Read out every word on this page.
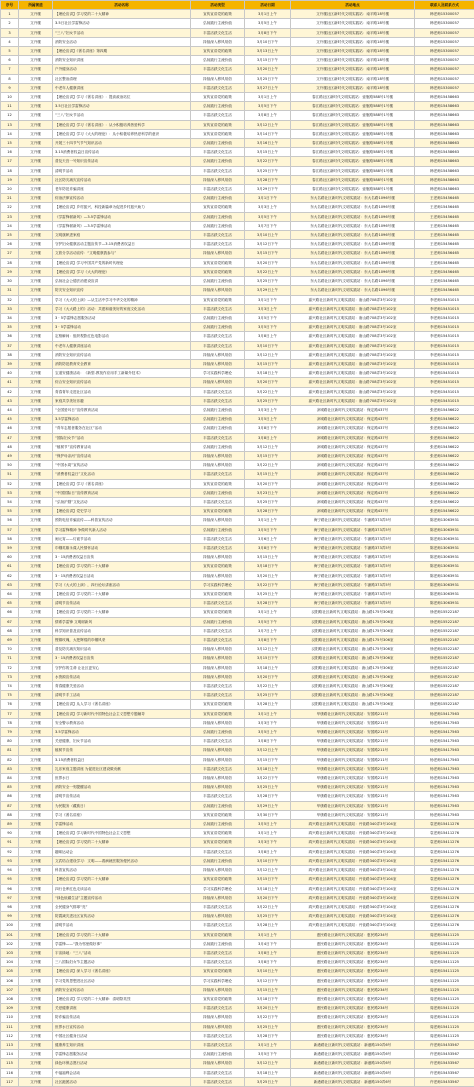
序号	所属街道	活动名称	活动类型	活动日期	活动地点	联系人及联系方式
1	文升楼	【理论宣讲】学习党的二十大精神	宣传宣讲党的政策	3月1日上午	文升楼社区新时代文明实践站：南平路18号楼	韩老师15300057
2	文升楼	3.5日社区学雷锋活动	弘扬践行主流价值	3月5日上午	文升楼社区新时代文明实践站：南平路18号楼	韩老师15300057
3	文升楼	“三八”妇女节活动	丰富活跃文化生活	3月8日下午	文升楼社区新时代文明实践站：南平路18号楼	韩老师15300057
4	文升楼	消防安全活动	持续深入移风易俗	3月10日下午	文升楼社区新时代文明实践站：南平路18号楼	韩老师15300057
5	文升楼	【理论宣讲】《著名讲座》第四期	宣传宣讲党的政策	3月13日上午	文升楼社区新时代文明实践站：南平路18号楼	韩老师15300057
6	文升楼	消防安全知识讲座	弘扬践行主流价值	3月15日下午	文升楼社区新时代文明实践站：南平路18号楼	韩老师15300057
7	文升楼	户外健身活动	丰富活跃文化生活	3月20日上午	文升楼社区新时代文明实践站：南平路18号楼	韩老师15300057
8	文升楼	社区整治清理	持续深入移风易俗	3月25日下午	文升楼社区新时代文明实践站：南平路18号楼	韩老师15300057
9	文升楼	中老年人健康讲座	丰富活跃文化生活	3月27日上午	文升楼社区新时代文明实践站：南平路18号楼	韩老师15300057
10	文升楼	【理论宣讲】学习《著名讲座》：提高政治站位	宣传宣讲党的政策	3月1日上午	春江路社区新时代文明实践站：壶瓶路588号1号楼	韩老师15458663
11	文升楼	3.5日社区学雷锋活动	弘扬践行主流价值	3月5日下午	春江路社区新时代文明实践站：壶瓶路588号1号楼	韩老师15458663
12	文升楼	“三八”妇女节活动	丰富活跃文化生活	3月8日上午	春江路社区新时代文明实践站：壶瓶路588号1号楼	韩老师15458663
13	文升楼	【理论宣讲】学习《著名讲座》：从小积极培养热爱科学	宣传宣讲党的政策	3月12日上午	春江路社区新时代文明实践站：壶瓶路588号1号楼	韩老师15458663
14	文升楼	【理论宣讲】学习《大大的理论》：从小积极培养热爱科学的意识	宣传宣讲党的政策	3月14日下午	春江路社区新时代文明实践站：壶瓶路588号1号楼	韩老师15458663
15	文升楼	开展三十四节气节气知识活动	弘扬践行主流价值	3月16日上午	春江路社区新时代文明实践站：壶瓶路588号1号楼	韩老师15458663
16	文升楼	3.15消费者权益日宣传活动	丰富活跃文化生活	3月15日上午	春江路社区新时代文明实践站：壶瓶路588号1号楼	韩老师15458663
17	文升楼	普及天宫一号知识宣传活动	弘扬践行主流价值	3月22日下午	春江路社区新时代文明实践站：壶瓶路588号1号楼	韩老师15458663
18	文升楼	清明节活动	丰富活跃文化生活	3月25日下午	春江路社区新时代文明实践站：壶瓶路588号1号楼	韩老师15458663
19	文升楼	社区防灾减灾宣传活动	持续深入移风易俗	3月28日下午	春江路社区新时代文明实践站：壶瓶路588号1号楼	韩老师15458663
20	文升楼	老年防范诈骗讲座	丰富活跃文化生活	3月29日下午	春江路社区新时代文明实践站：壶瓶路588号1号楼	韩老师15458663
21	文升楼	综治法律宣传活动	弘扬践行主流价值	3月1日下午	东大名路社区新时代文明实践站：东大名路1096号楼	王老师15456465
22	文升楼	【理论宣讲】乡村振兴，科技新篇章为促进乡村振兴助力	宣传宣讲党的政策	3月3日上午	东大名路社区新时代文明实践站：东大名路1096号楼	王老师15456465
23	文升楼	《学雷锋树新风》—3.5学雷锋活动	弘扬践行主流价值	3月5日下午	东大名路社区新时代文明实践站：东大名路1096号楼	王老师15456465
24	文升楼	《学雷锋树新风》—3.5学雷锋活动	弘扬践行主流价值	3月7日下午	东大名路社区新时代文明实践站：东大名路1096号楼	王老师15456465
25	文升楼	文明旗帜进家庭	丰富活跃文化生活	3月10日上午	东大名路社区新时代文明实践站：东大名路1096号楼	王老师15456465
26	文升楼	守护妇女健康活动主题宣传节—3.15消费者权益日	丰富活跃文化生活	3月12日下午	东大名路社区新时代文明实践站：东大名路1096号楼	王老师15456465
27	文升楼	文旅分享活动宣传：“文明健康我参与”	持续深入移风易俗	3月15日下午	东大名路社区新时代文明实践站：东大名路1096号楼	王老师15456465
28	文升楼	【理论宣讲】学习中国共产党的新时代理论	宣传宣讲党的政策	3月20日下午	东大名路社区新时代文明实践站：东大名路1096号楼	王老师15456465
29	文升楼	【理论宣讲】学习《大大的理论》	宣传宣讲党的政策	3月22日上午	东大名路社区新时代文明实践站：东大名路1096号楼	王老师15456465
30	文升楼	弘扬社会公德法治建设宣讲	弘扬践行主流价值	3月25日下午	东大名路社区新时代文明实践站：东大名路1096号楼	王老师15456465
31	文升楼	防灾安全知识宣传	持续深入移风易俗	3月29日上午	东大名路社区新时代文明实践站：东大名路1096号楼	王老师15456465
32	文升楼	学习《大大的上演》—从生活中学习中华文化的精神	宣传宣讲党的政策	3月1日下午	嘉兴路社区新时代文明实践站：唐山路708弄3号102室	李老师15451015
33	文升楼	学习《大大路上的》活动：共建和谐美好的家庭文化活动	丰富活跃文化生活	3月3日上午	嘉兴路社区新时代文明实践站：唐山路708弄3号102室	李老师15451015
34	文升楼	3 · 5学雷锋志愿服务活动	弘扬践行主流价值	3月5日下午	嘉兴路社区新时代文明实践站：唐山路708弄3号102室	李老师15451015
35	文升楼	3 · 5学雷锋活动	弘扬践行主流价值	3月5日下午	嘉兴路社区新时代文明实践站：唐山路708弄3号102室	李老师15451015
36	文升楼	定格瞬间：组织观影红色电影活动	丰富活跃文化生活	3月8日上午	嘉兴路社区新时代文明实践站：唐山路708弄3号102室	李老师15451015
37	文升楼	中老年人健康讲座活动	丰富活跃文化生活	3月10日下午	嘉兴路社区新时代文明实践站：唐山路708弄3号102室	李老师15451015
38	文升楼	消防安全知识宣传活动	持续深入移风易俗	3月12日上午	嘉兴路社区新时代文明实践站：唐山路708弄3号102室	李老师15451015
39	文升楼	消防防范教育安全教育	持续深入移风易俗	3月15日下午	嘉兴路社区新时代文明实践站：唐山路708弄3号102室	李老师15451015
40	文升楼	宝道安健康活动：《新型-教找作应用手工新媒介技术》	学习实践科学理论	3月18日上午	嘉兴路社区新时代文明实践站：唐山路708弄3号102室	李老师15451015
41	文升楼	综合安全知识宣传活动	持续深入移风易俗	3月20日下午	嘉兴路社区新时代文明实践站：唐山路708弄3号102室	李老师15451015
42	文升楼	青春青年走进社区活动	丰富活跃文化生活	3月22日上午	嘉兴路社区新时代文明实践站：唐山路708弄3号102室	李老师15451015
43	文升楼	家庭共享美好乐趣	丰富活跃文化生活	3月25日下午	嘉兴路社区新时代文明实践站：唐山路708弄3号102室	李老师15451015
44	文升楼	“全国爱耳日”宣传教育活动	弘扬践行主流价值	3月3日上午	凉城路社区新时代文明实践站：保定路437号	张老师15456622
45	文升楼	3.5学雷锋活动	弘扬践行主流价值	3月5日上午	凉城路社区新时代文明实践站：保定路437号	张老师15456622
46	文升楼	“青年志愿者服务在社区”活动	弘扬践行主流价值	3月8日下午	凉城路社区新时代文明实践站：保定路437号	张老师15456622
47	文升楼	“国际妇女节”活动	丰富活跃文化生活	3月8日上午	凉城路社区新时代文明实践站：保定路437号	张老师15456622
48	文升楼	“植树节”宣传教育活动	弘扬践行主流价值	3月12日上午	凉城路社区新时代文明实践站：保定路437号	张老师15456622
49	文升楼	“保护母亲河”宣传活动	持续深入移风易俗	3月15日下午	凉城路社区新时代文明实践站：保定路437号	张老师15456622
50	文升楼	“中国水周”宣传活动	持续深入移风易俗	3月22日上午	凉城路社区新时代文明实践站：保定路437号	张老师15456622
51	文升楼	“消费者权益日”文化活动	丰富活跃文化生活	3月15日上午	凉城路社区新时代文明实践站：保定路437号	张老师15456622
52	文升楼	【理论宣讲】学习《著名讲座》	宣传宣讲党的政策	3月20日下午	凉城路社区新时代文明实践站：保定路437号	张老师15456622
53	文升楼	“中国国际日”宣传教育活动	弘扬践行主流价值	3月23日上午	凉城路社区新时代文明实践站：保定路437号	张老师15456622
54	文升楼	“弘扬沪剧”文化活动	丰富活跃文化生活	3月25日下午	凉城路社区新时代文明实践站：保定路437号	张老师15456622
55	文升楼	【理论宣讲】党史学习	宣传宣讲党的政策	3月28日下午	凉城路社区新时代文明实践站：保定路437号	张老师15456622
56	文升楼	预防电信诈骗宣传——科普宣传活动	持续深入移风易俗	3月1日上午	海宁路社区新时代文明实践站：乍浦路373弄5号	陈老师13063931
57	文升楼	学习雷锋精神 争做时代新人活动	弘扬践行主流价值	3月5日下午	海宁路社区新时代文明实践站：乍浦路373弄5号	陈老师13063931
58	文升楼	闹元宵——灯谜节活动	丰富活跃文化生活	3月6日上午	海宁路社区新时代文明实践站：乍浦路373弄5号	陈老师13063931
59	文升楼	巾帼英雄永葆人民情怀活动	丰富活跃文化生活	3月8日下午	海宁路社区新时代文明实践站：乍浦路373弄5号	陈老师13063931
60	文升楼	3 · 15消费者权益日宣传	持续深入移风易俗	3月15日上午	海宁路社区新时代文明实践站：乍浦路373弄5号	陈老师13063931
61	文升楼	【理论宣讲】学习党的二十大精神	宣传宣讲党的政策	3月18日下午	海宁路社区新时代文明实践站：乍浦路373弄5号	陈老师13063931
62	文升楼	3 · 15消费者权益日活动	持续深入移风易俗	3月20日上午	海宁路社区新时代文明实践站：乍浦路373弄5号	陈老师13063931
63	文升楼	学习《大大的上演》，四行论坛讲座活动	学习实践科学理论	3月22日下午	海宁路社区新时代文明实践站：乍浦路373弄5号	陈老师13063931
64	文升楼	【理论宣讲】学习党的二十大精神	宣传宣讲党的政策	3月25日上午	海宁路社区新时代文明实践站：乍浦路373弄5号	陈老师13063931
65	文升楼	清明节宣传活动	丰富活跃文化生活	3月28日下午	海宁路社区新时代文明实践站：乍浦路373弄5号	陈老师13063931
66	文升楼	【理论宣讲】学习党的二十大精神	宣传宣讲党的政策	3月1日上午	汉阳路社区新时代文明实践站：唐山路175号306室	徐老师15522187
67	文升楼	情系学雷锋 文明树新风	弘扬践行主流价值	3月5日下午	汉阳路社区新时代文明实践站：唐山路175号306室	徐老师15522187
68	文升楼	科学知识普及宣传活动	丰富活跃文化生活	3月7日上午	汉阳路社区新时代文明实践站：唐山路175号306室	徐老师15522187
69	文升楼	铿锵玫瑰，大把辉煌的巾帼风采	丰富活跃文化生活	3月8日下午	汉阳路社区新时代文明实践站：唐山路175号306室	徐老师15522187
70	文升楼	普及防灾减灾知识活动	持续深入移风易俗	3月12日上午	汉阳路社区新时代文明实践站：唐山路175号306室	徐老师15522187
71	文升楼	3 · 15消费者权益日宣传	持续深入移风易俗	3月15日下午	汉阳路社区新时代文明实践站：唐山路175号306室	徐老师15522187
72	文升楼	守护你的生命 让社区更安心	持续深入移风易俗	3月18日上午	汉阳路社区新时代文明实践站：唐山路175号306室	徐老师15522187
73	文升楼	水资源宣传活动	持续深入移风易俗	3月20日下午	汉阳路社区新时代文明实践站：唐山路175号306室	徐老师15522187
74	文升楼	青春健康关爱活动	丰富活跃文化生活	3月22日上午	汉阳路社区新时代文明实践站：唐山路175号306室	徐老师15522187
75	文升楼	清明节手工活动	丰富活跃文化生活	3月25日下午	汉阳路社区新时代文明实践站：唐山路175号306室	徐老师15522187
76	文升楼	【理论宣讲】从人学习《著名讲座》	宣传宣讲党的政策	3月28日上午	汉阳路社区新时代文明实践站：唐山路175号306室	徐老师15522187
77	文升楼	【理论宣讲】学习新时代中国特色社会主义思想专题辅导	宣传宣讲党的政策	3月1日上午	华康路社区新时代文明实践站：安国路211号	杨老师15417563
78	文升楼	安全警示教育活动	持续深入移风易俗	3月3日下午	华康路社区新时代文明实践站：安国路211号	杨老师15417563
79	文升楼	3.5学雷锋活动	弘扬践行主流价值	3月5日上午	华康路社区新时代文明实践站：安国路211号	杨老师15417563
80	文升楼	关爱健康，妇女节活动	丰富活跃文化生活	3月8日下午	华康路社区新时代文明实践站：安国路211号	杨老师15417563
81	文升楼	植树节宣传	持续深入移风易俗	3月12日上午	华康路社区新时代文明实践站：安国路211号	杨老师15417563
82	文升楼	3.15消费者权益日	持续深入移风易俗	3月15日下午	华康路社区新时代文明实践站：安国路211号	杨老师15417563
83	文升楼	礼乐家庭主题讲座 为促进社区建设做贡献	丰富活跃文化生活	3月18日上午	华康路社区新时代文明实践站：安国路211号	杨老师15417563
84	文升楼	世界水日	持续深入移风易俗	3月22日下午	华康路社区新时代文明实践站：安国路211号	杨老师15417563
85	文升楼	消防安全一刻提醒活动	持续深入移风易俗	3月25日上午	华康路社区新时代文明实践站：安国路211号	杨老师15417563
86	文升楼	清明节宣传活动	丰富活跃文化生活	3月28日下午	华康路社区新时代文明实践站：安国路211号	杨老师15417563
87	文升楼	为民服务（藏族日）	弘扬践行主流价值	3月29日上午	华康路社区新时代文明实践站：安国路211号	杨老师15417563
88	文升楼	学习《著名讲座》	宣传宣讲党的政策	3月30日下午	华康路社区新时代文明实践站：安国路211号	杨老师15417563
89	文升楼	学雷锋活动	弘扬践行主流价值	3月5日上午	鸿兴路社区新时代文明实践站：丹徒路340弄3号104室	袁老师15411276
90	文升楼	【理论宣讲】学习新时代中国特色社会主义思想	宣传宣讲党的政策	3月1日上午	鸿兴路社区新时代文明实践站：丹徒路340弄3号104室	袁老师15411276
91	文升楼	【理论宣讲】学习党的二十大精神	宣传宣讲党的政策	3月3日下午	鸿兴路社区新时代文明实践站：丹徒路340弄3号104室	袁老师15411276
92	文升楼	趣味运动会	丰富活跃文化生活	3月8日上午	鸿兴路社区新时代文明实践站：丹徒路340弄3号104室	袁老师15411276
93	文升楼	文武结合建设学习：文明——看病就医服务便民活动	弘扬践行主流价值	3月10日下午	鸿兴路社区新时代文明实践站：丹徒路340弄3号104室	袁老师15411276
94	文升楼	科普宣传活动	持续深入移风易俗	3月12日上午	鸿兴路社区新时代文明实践站：丹徒路340弄3号104室	袁老师15411276
95	文升楼	【理论宣讲】学习党的二十大精神	宣传宣讲党的政策	3月15日下午	鸿兴路社区新时代文明实践站：丹徒路340弄3号104室	袁老师15411276
96	文升楼	四行仓库红色走读活动	学习实践科学理论	3月18日上午	鸿兴路社区新时代文明实践站：丹徒路340弄3号104室	袁老师15411276
97	文升楼	“绿色低碳生活”主题宣传活动	持续深入移风易俗	3月20日下午	鸿兴路社区新时代文明实践站：丹徒路340弄3号104室	袁老师15411276
98	文升楼	全民健身气排球“亮”	丰富活跃文化生活	3月22日上午	鸿兴路社区新时代文明实践站：丹徒路340弄3号104室	袁老师15411276
99	文升楼	防震减灾进社区宣传活动	持续深入移风易俗	3月25日下午	鸿兴路社区新时代文明实践站：丹徒路340弄3号104室	袁老师15411276
100	文升楼	清明节活动	丰富活跃文化生活	3月28日上午	鸿兴路社区新时代文明实践站：丹徒路340弄3号104室	袁老师15411276
101	文升楼	【理论宣讲】学习党的二十大精神	宣传宣讲党的政策	3月1日上午	惠民路社区新时代文明实践站：惠民路234号	周老师15411125
102	文升楼	学雷锋——“我为邻里做好事”	弘扬践行主流价值	3月4日下午	惠民路社区新时代文明实践站：惠民路234号	周老师15411125
103	文升楼	宇宙绿地：“三八”活动	丰富活跃文化生活	3月8日上午	惠民路社区新时代文明实践站：惠民路234号	周老师15411125
104	文升楼	三八国际妇女节主题活动	丰富活跃文化生活	3月8日下午	惠民路社区新时代文明实践站：惠民路234号	周老师15411125
105	文升楼	【理论宣讲】深入学习《著名讲座》	宣传宣讲党的政策	3月10日上午	惠民路社区新时代文明实践站：惠民路234号	周老师15411125
106	文升楼	学习党的思想进社区活动	学习实践科学理论	3月12日下午	惠民路社区新时代文明实践站：惠民路234号	周老师15411125
107	文升楼	消防安全宣传活动	持续深入移风易俗	3月15日上午	惠民路社区新时代文明实践站：惠民路234号	周老师15411125
108	文升楼	【理论宣讲】学习党的二十大精神：清明祭英烈	宣传宣讲党的政策	3月18日下午	惠民路社区新时代文明实践站：惠民路234号	周老师15411125
109	文升楼	关爱健康讲座	丰富活跃文化生活	3月20日上午	惠民路社区新时代文明实践站：惠民路234号	周老师15411125
110	文升楼	防诈骗宣传活动	持续深入移风易俗	3月22日下午	惠民路社区新时代文明实践站：惠民路234号	周老师15411125
111	文升楼	世界水日宣传活动	持续深入移风易俗	3月25日上午	惠民路社区新时代文明实践站：惠民路234号	周老师15411125
112	文升楼	中国社区健身日活动	丰富活跃文化生活	3月28日下午	惠民路社区新时代文明实践站：惠民路234号	周老师15411125
113	文升楼	健康养生知识讲座	丰富活跃文化生活	3月1日上午	新港路社区新时代文明实践站：新港路150弄6号	许老师15453567
114	文升楼	学雷锋志愿服务活动	弘扬践行主流价值	3月5日下午	新港路社区新时代文明实践站：新港路150弄6号	许老师15453567
115	文升楼	绿色环保志愿行活动	持续深入移风易俗	3月12日上午	新港路社区新时代文明实践站：新港路150弄6号	许老师15453567
116	文升楼	中福福利会活动	丰富活跃文化生活	3月18日上午	新港路社区新时代文明实践站：新港路150弄6号	许老师15453567
117	文升楼	社区跑团活动	丰富活跃文化生活	3月25日上午	新港路社区新时代文明实践站：新港路150弄6号	许老师15453567
